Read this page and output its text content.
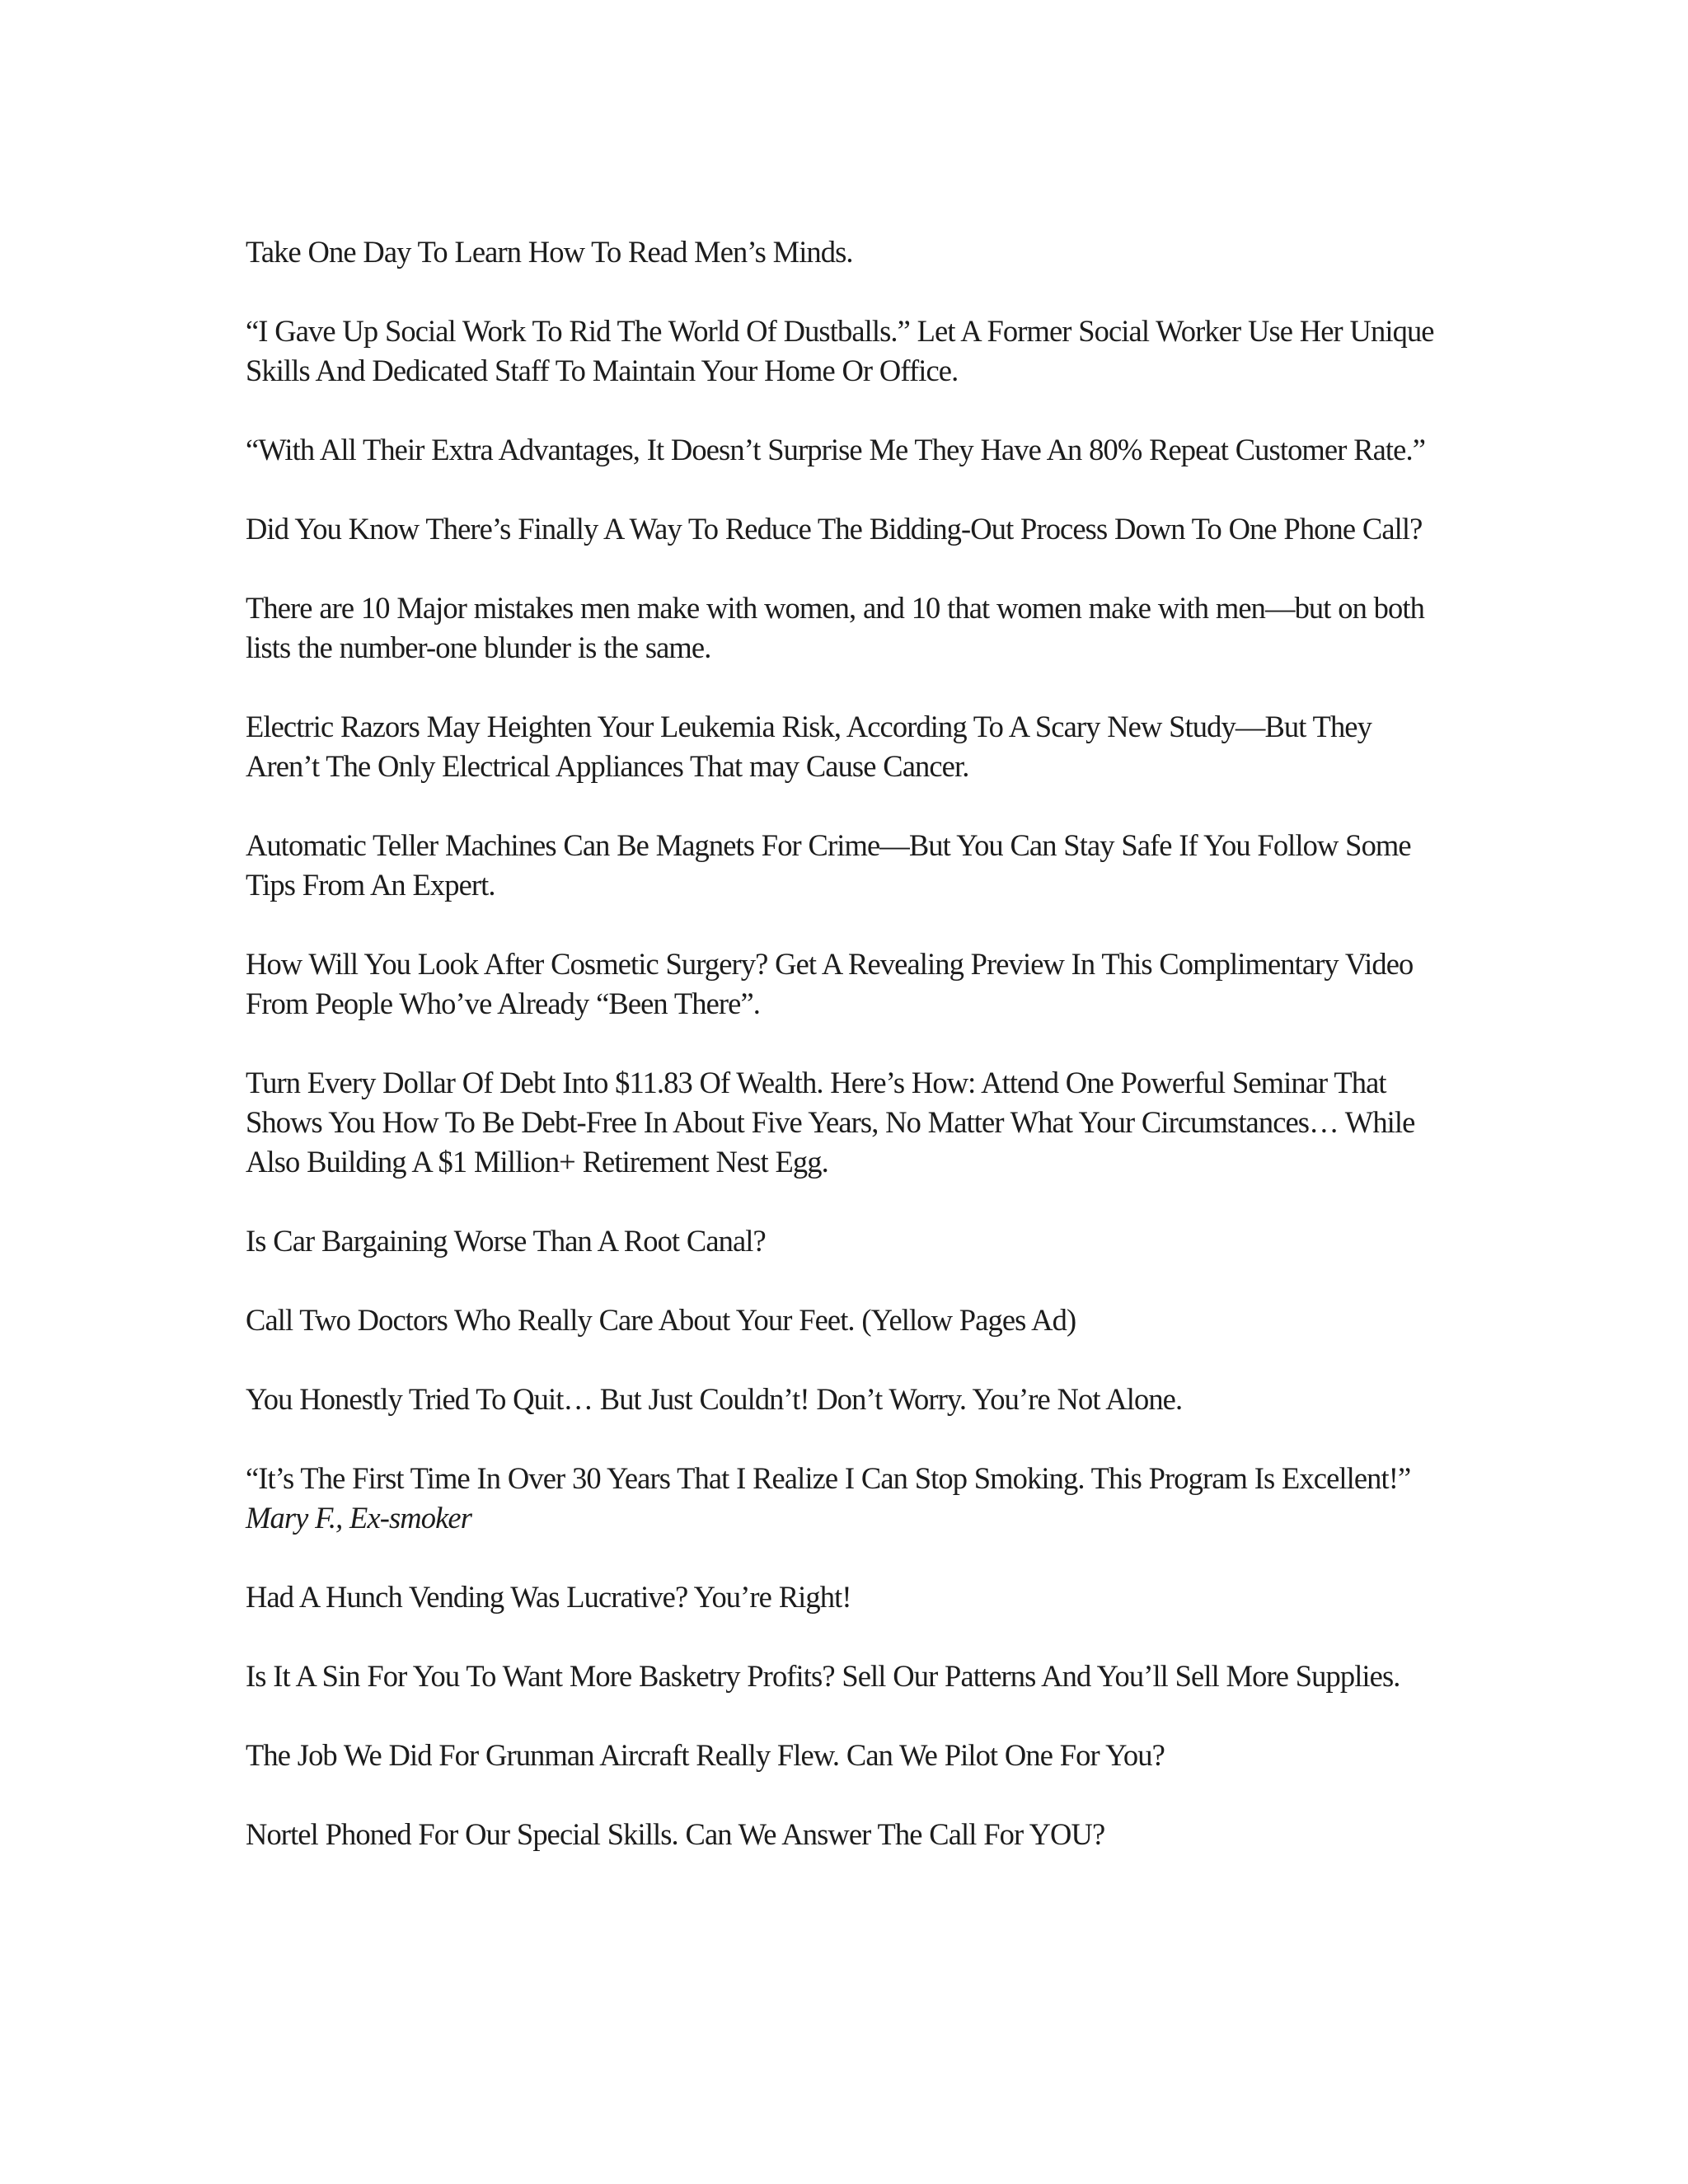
Take One Day To Learn How To Read Men’s Minds.

“I Gave Up Social Work To Rid The World Of Dustballs.” Let A Former Social Worker Use Her Unique Skills And Dedicated Staff To Maintain Your Home Or Office.

“With All Their Extra Advantages, It Doesn’t Surprise Me They Have An 80% Repeat Customer Rate.”

Did You Know There’s Finally A Way To Reduce The Bidding-Out Process Down To One Phone Call?

There are 10 Major mistakes men make with women, and 10 that women make with men—but on both lists the number-one blunder is the same.

Electric Razors May Heighten Your Leukemia Risk, According To A Scary New Study—But They Aren’t The Only Electrical Appliances That may Cause Cancer.

Automatic Teller Machines Can Be Magnets For Crime—But You Can Stay Safe If You Follow Some Tips From An Expert.

How Will You Look After Cosmetic Surgery? Get A Revealing Preview In This Complimentary Video From People Who’ve Already “Been There”.

Turn Every Dollar Of Debt Into $11.83 Of Wealth. Here’s How: Attend One Powerful Seminar That Shows You How To Be Debt-Free In About Five Years, No Matter What Your Circumstances… While Also Building A $1 Million+ Retirement Nest Egg.

Is Car Bargaining Worse Than A Root Canal?

Call Two Doctors Who Really Care About Your Feet. (Yellow Pages Ad)

You Honestly Tried To Quit… But Just Couldn’t! Don’t Worry. You’re Not Alone.

“It’s The First Time In Over 30 Years That I Realize I Can Stop Smoking. This Program Is Excellent!” Mary F., Ex-smoker

Had A Hunch Vending Was Lucrative? You’re Right!

Is It A Sin For You To Want More Basketry Profits? Sell Our Patterns And You’ll Sell More Supplies.

The Job We Did For Grunman Aircraft Really Flew. Can We Pilot One For You?

Nortel Phoned For Our Special Skills. Can We Answer The Call For YOU?
